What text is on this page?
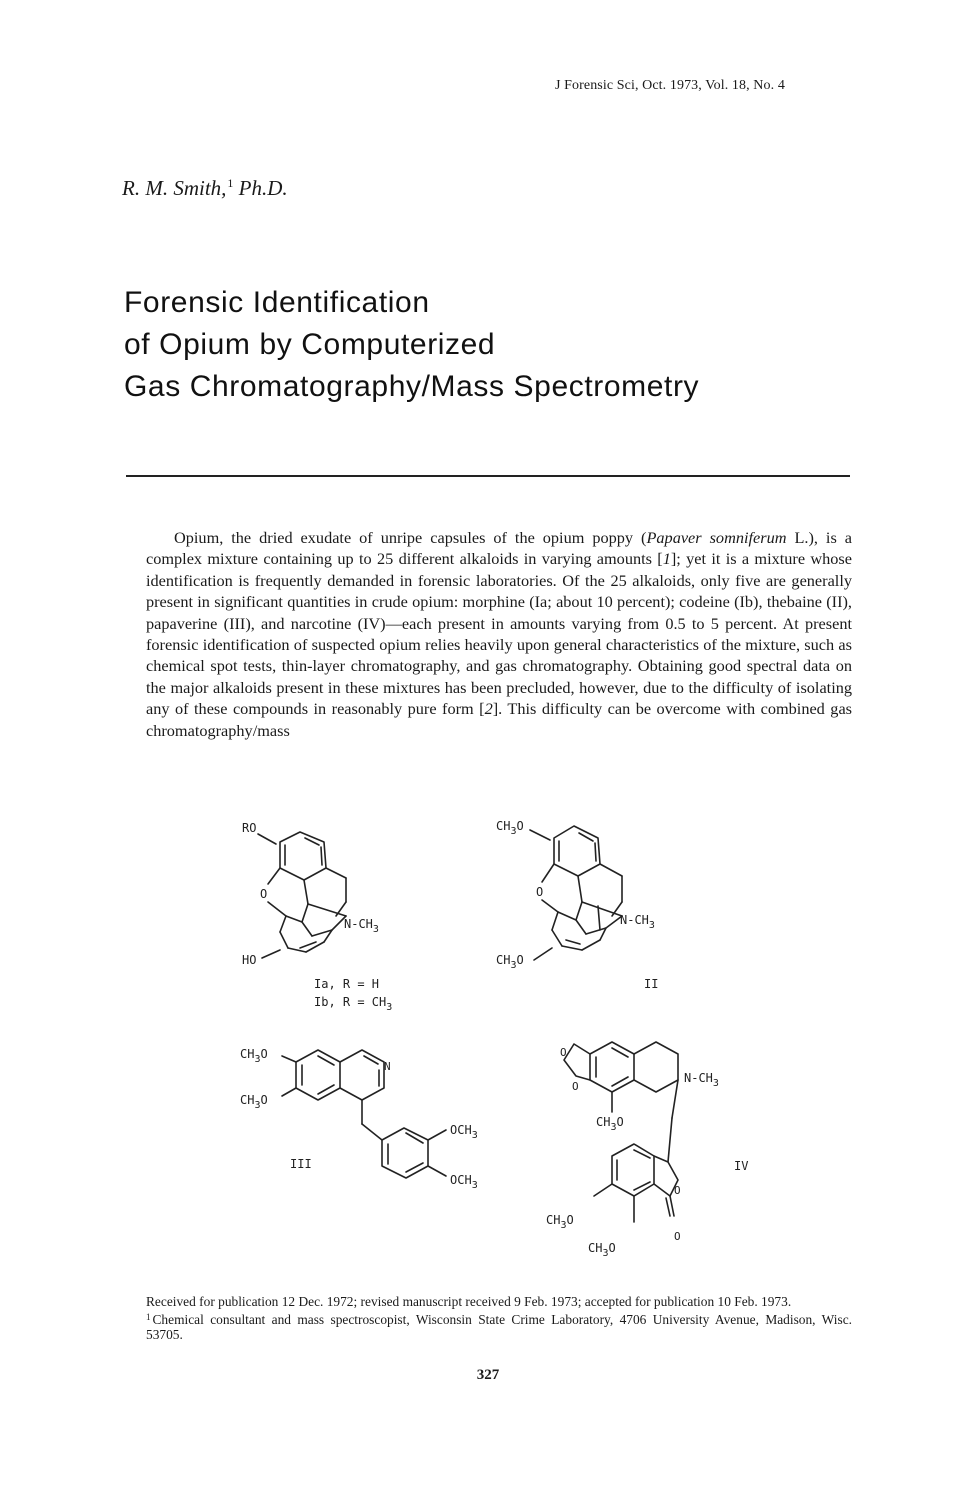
J Forensic Sci, Oct. 1973, Vol. 18, No. 4
R. M. Smith,$^1$ Ph.D.
Forensic Identification
of Opium by Computerized
Gas Chromatography/Mass Spectrometry

Opium, the dried exudate of unripe capsules of the opium poppy (Papaver somniferum L.), is a complex mixture containing up to 25 different alkaloids in varying amounts [1]; yet it is a mixture whose identification is frequently demanded in forensic laboratories. Of the 25 alkaloids, only five are generally present in significant quantities in crude opium: morphine (Ia; about 10 percent); codeine (Ib), thebaine (II), papaverine (III), and narcotine (IV)—each present in amounts varying from 0.5 to 5 percent. At present forensic identification of suspected opium relies heavily upon general characteristics of the mixture, such as chemical spot tests, thin-layer chromatography, and gas chromatography. Obtaining good spectral data on the major alkaloids present in these mixtures has been precluded, however, due to the difficulty of isolating any of these compounds in reasonably pure form [2]. This difficulty can be overcome with combined gas chromatography/mass

RO
O
$N-CH_3$
HO
Ia, R = H
Ib, $R = CH_3$
$CH_3O$
O
$N-CH_3$
$CH_3O$
II
$CH_3O$
$CH_3O$
N
$OCH_3$
$OCH_3$
III
O
O
$N-CH_3$
$CH_3O$
O
O
$CH_3O$
$CH_3O$
IV

Received for publication 12 Dec. 1972; revised manuscript received 9 Feb. 1973; accepted for publication 10 Feb. 1973.

$^1$ Chemical consultant and mass spectroscopist, Wisconsin State Crime Laboratory, 4706 University Avenue, Madison, Wisc. 53705.

327
